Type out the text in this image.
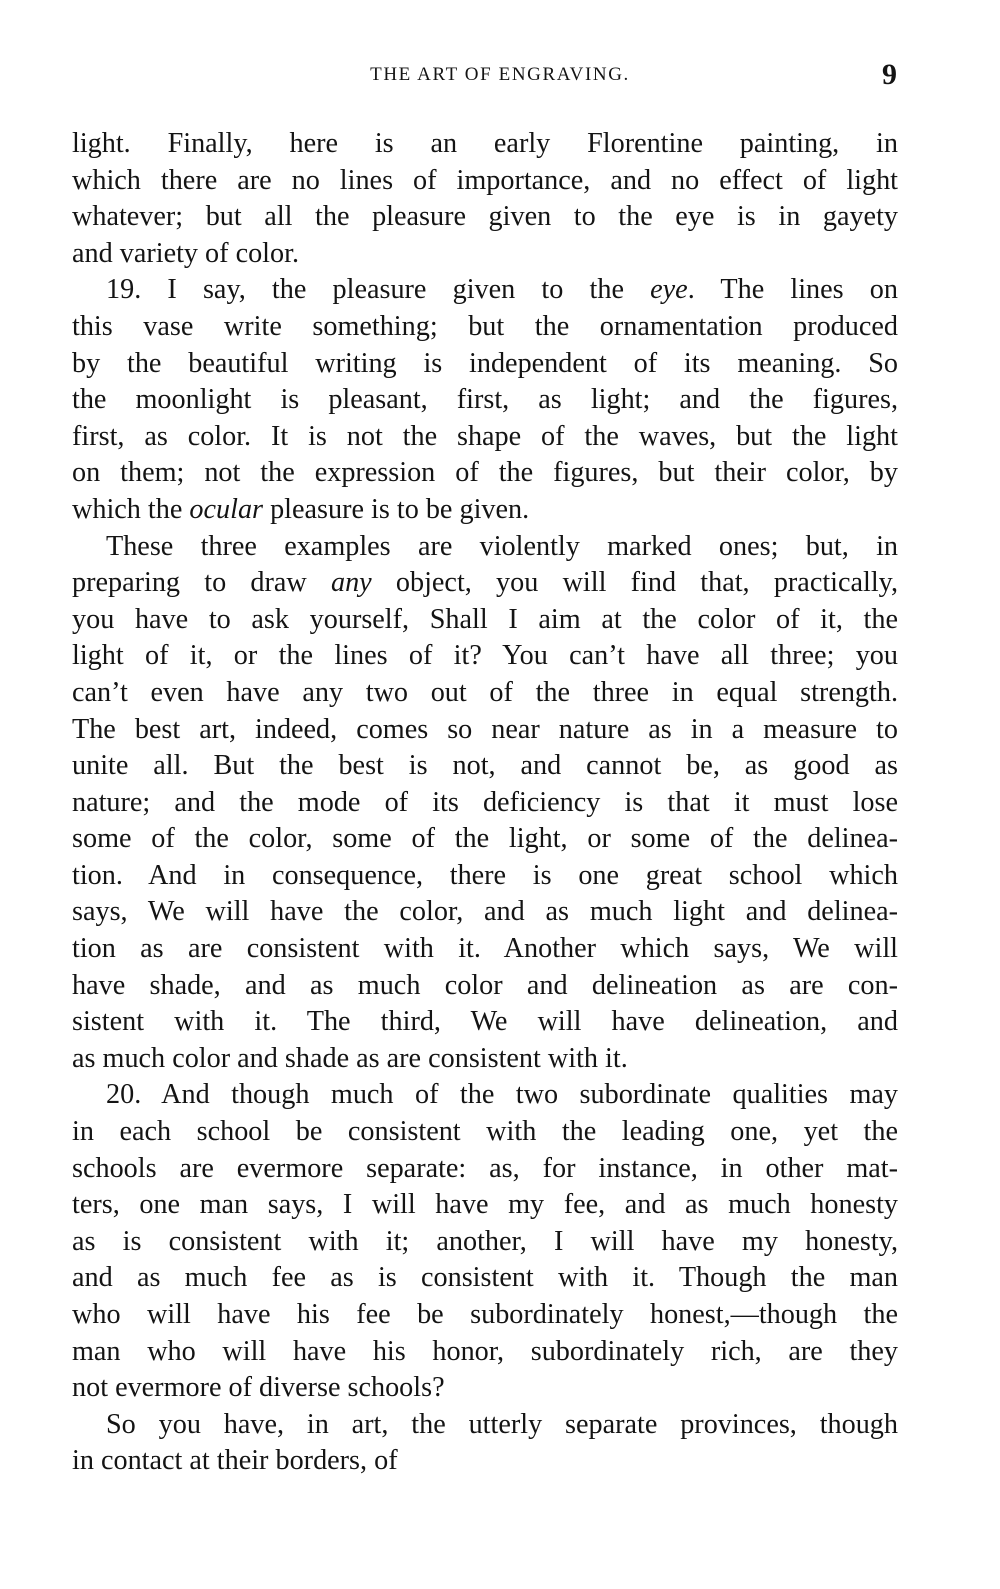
THE ART OF ENGRAVING.	9
light. Finally, here is an early Florentine painting, in
which there are no lines of importance, and no effect of light
whatever; but all the pleasure given to the eye is in gayety
and variety of color.
19. I say, the pleasure given to the eye. The lines on
this vase write something; but the ornamentation produced
by the beautiful writing is independent of its meaning. So
the moonlight is pleasant, first, as light; and the figures,
first, as color. It is not the shape of the waves, but the light
on them; not the expression of the figures, but their color, by
which the ocular pleasure is to be given.
These three examples are violently marked ones; but, in
preparing to draw any object, you will find that, practically,
you have to ask yourself, Shall I aim at the color of it, the
light of it, or the lines of it? You can’t have all three; you
can’t even have any two out of the three in equal strength.
The best art, indeed, comes so near nature as in a measure to
unite all. But the best is not, and cannot be, as good as
nature; and the mode of its deficiency is that it must lose
some of the color, some of the light, or some of the delinea-
tion. And in consequence, there is one great school which
says, We will have the color, and as much light and delinea-
tion as are consistent with it. Another which says, We will
have shade, and as much color and delineation as are con-
sistent with it. The third, We will have delineation, and
as much color and shade as are consistent with it.
20. And though much of the two subordinate qualities may
in each school be consistent with the leading one, yet the
schools are evermore separate: as, for instance, in other mat-
ters, one man says, I will have my fee, and as much honesty
as is consistent with it; another, I will have my honesty,
and as much fee as is consistent with it. Though the man
who will have his fee be subordinately honest,—though the
man who will have his honor, subordinately rich, are they
not evermore of diverse schools?
So you have, in art, the utterly separate provinces, though
in contact at their borders, of
